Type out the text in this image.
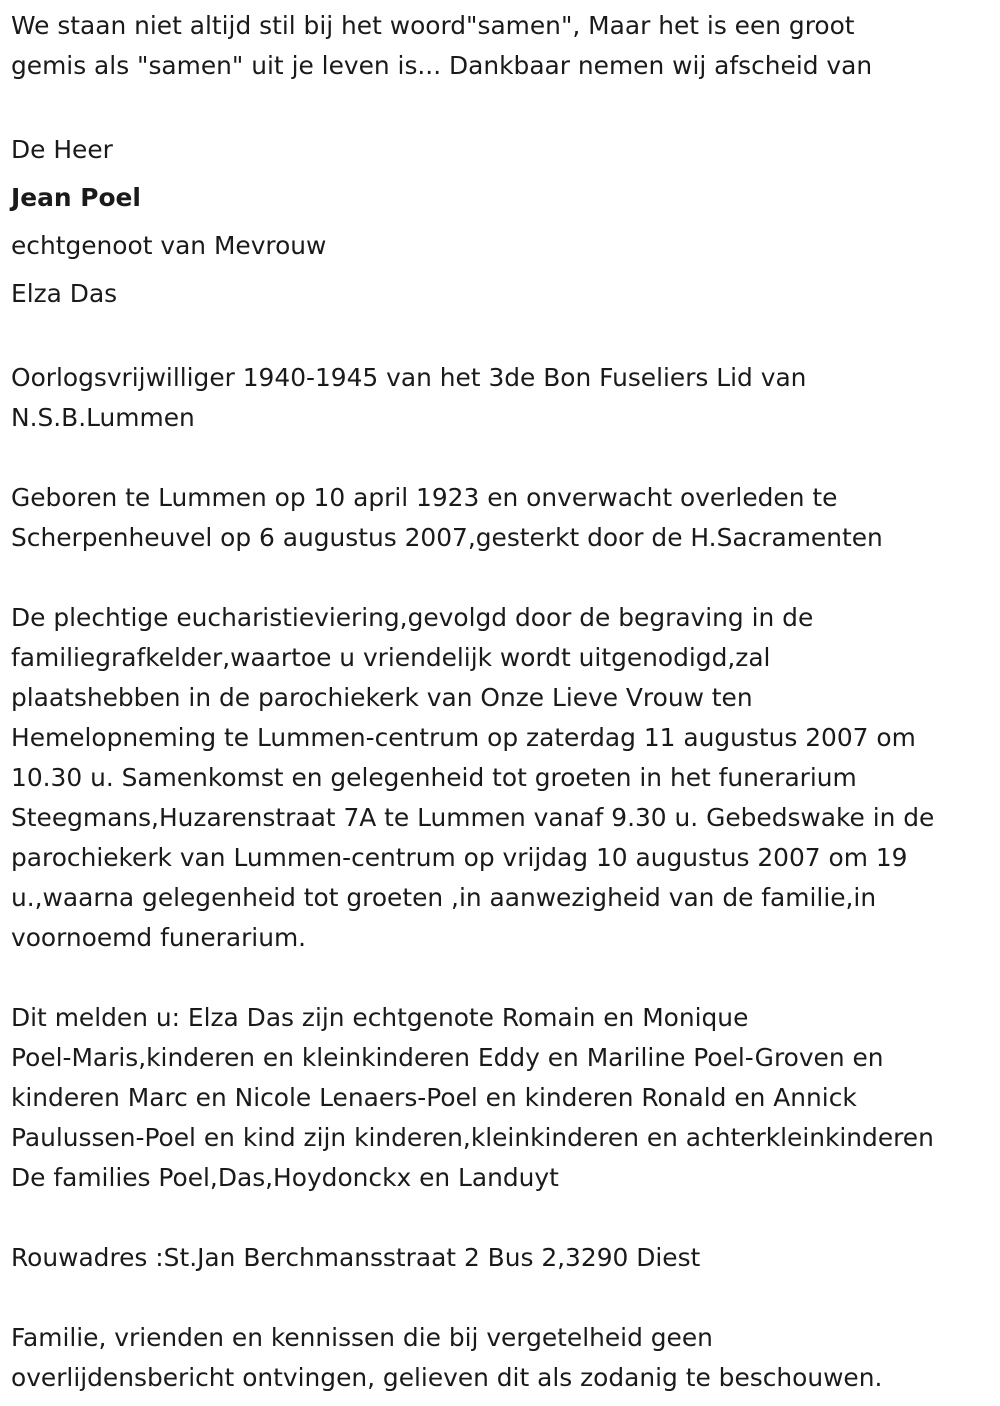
We staan niet altijd stil bij het woord"samen", Maar het is een groot
gemis als "samen" uit je leven is... Dankbaar nemen wij afscheid van

De Heer
Jean Poel
echtgenoot van Mevrouw
Elza Das

Oorlogsvrijwilliger 1940-1945 van het 3de Bon Fuseliers Lid van
N.S.B.Lummen

Geboren te Lummen op 10 april 1923 en onverwacht overleden te
Scherpenheuvel op 6 augustus 2007,gesterkt door de H.Sacramenten

De plechtige eucharistieviering,gevolgd door de begraving in de
familiegrafkelder,waartoe u vriendelijk wordt uitgenodigd,zal
plaatshebben in de parochiekerk van Onze Lieve Vrouw ten
Hemelopneming te Lummen-centrum op zaterdag 11 augustus 2007 om
10.30 u. Samenkomst en gelegenheid tot groeten in het funerarium
Steegmans,Huzarenstraat 7A te Lummen vanaf 9.30 u. Gebedswake in de
parochiekerk van Lummen-centrum op vrijdag 10 augustus 2007 om 19
u.,waarna gelegenheid tot groeten ,in aanwezigheid van de familie,in
voornoemd funerarium.

Dit melden u: Elza Das zijn echtgenote Romain en Monique
Poel-Maris,kinderen en kleinkinderen Eddy en Mariline Poel-Groven en
kinderen Marc en Nicole Lenaers-Poel en kinderen Ronald en Annick
Paulussen-Poel en kind zijn kinderen,kleinkinderen en achterkleinkinderen
De families Poel,Das,Hoydonckx en Landuyt

Rouwadres :St.Jan Berchmansstraat 2 Bus 2,3290 Diest

Familie, vrienden en kennissen die bij vergetelheid geen
overlijdensbericht ontvingen, gelieven dit als zodanig te beschouwen.
